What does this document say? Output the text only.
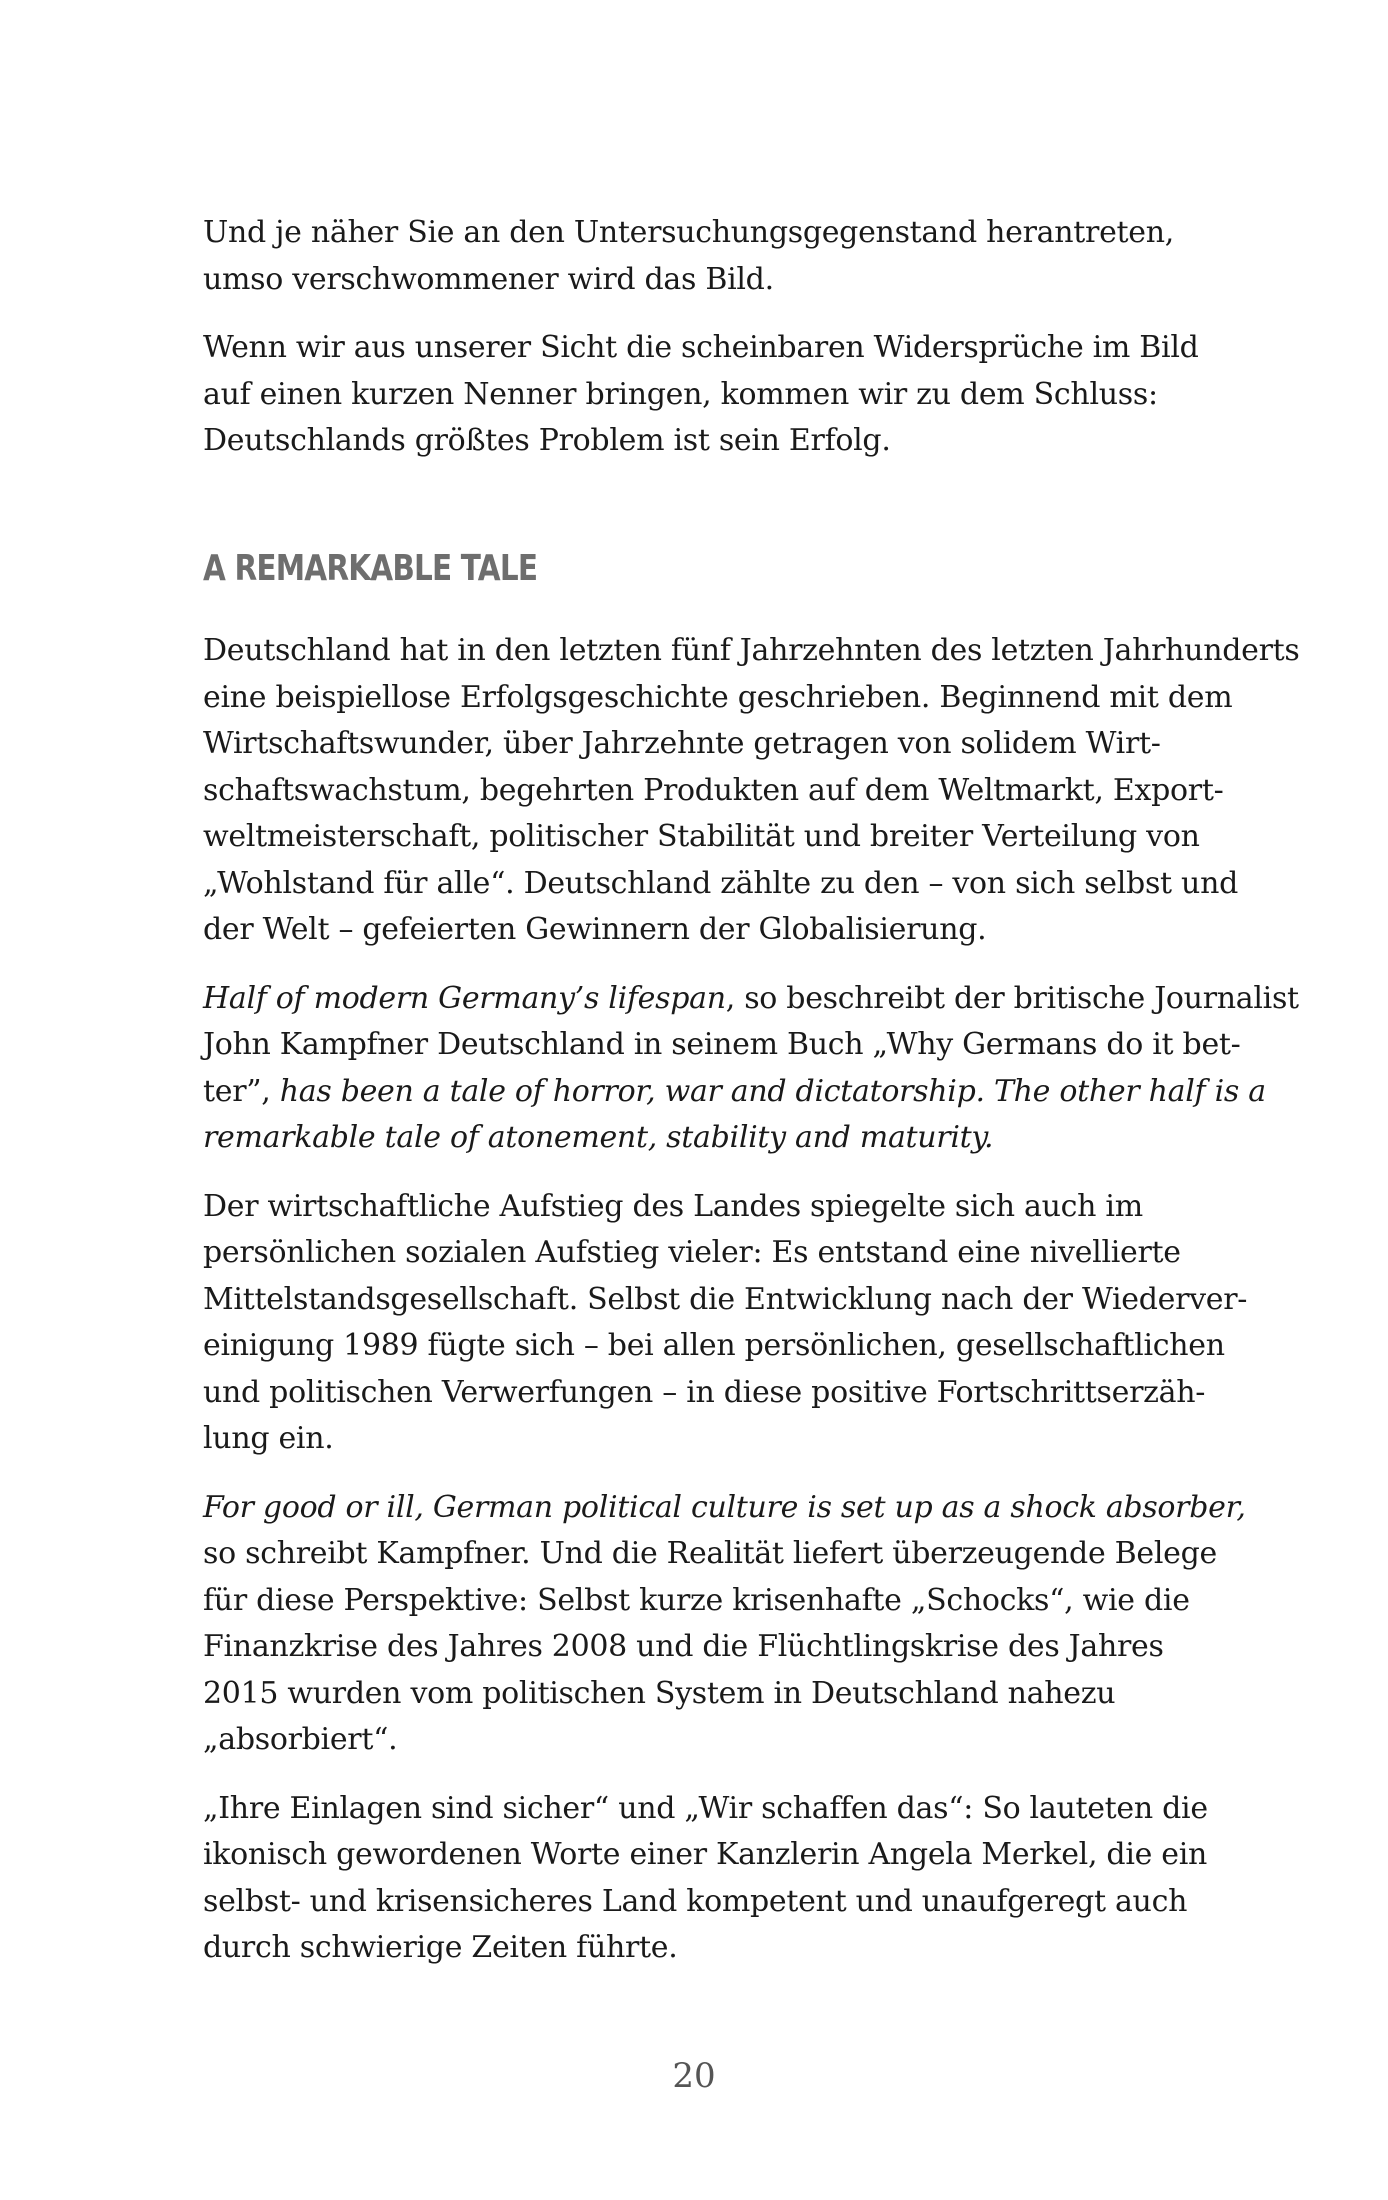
Und je näher Sie an den Untersuchungsgegenstand herantreten,
umso verschwommener wird das Bild.

Wenn wir aus unserer Sicht die scheinbaren Widersprüche im Bild
auf einen kurzen Nenner bringen, kommen wir zu dem Schluss:
Deutschlands größtes Problem ist sein Erfolg.

A REMARKABLE TALE

Deutschland hat in den letzten fünf Jahrzehnten des letzten Jahrhunderts
eine beispiellose Erfolgsgeschichte geschrieben. Beginnend mit dem
Wirtschaftswunder, über Jahrzehnte getragen von solidem Wirt-
schaftswachstum, begehrten Produkten auf dem Weltmarkt, Export-
weltmeisterschaft, politischer Stabilität und breiter Verteilung von
„Wohlstand für alle“. Deutschland zählte zu den – von sich selbst und
der Welt – gefeierten Gewinnern der Globalisierung.

Half of modern Germany’s lifespan, so beschreibt der britische Journalist
John Kampfner Deutschland in seinem Buch „Why Germans do it bet-
ter”, has been a tale of horror, war and dictatorship. The other half is a
remarkable tale of atonement, stability and maturity.

Der wirtschaftliche Aufstieg des Landes spiegelte sich auch im
persönlichen sozialen Aufstieg vieler: Es entstand eine nivellierte
Mittelstandsgesellschaft. Selbst die Entwicklung nach der Wiederver-
einigung 1989 fügte sich – bei allen persönlichen, gesellschaftlichen
und politischen Verwerfungen – in diese positive Fortschrittserzäh-
lung ein.

For good or ill, German political culture is set up as a shock absorber,
so schreibt Kampfner. Und die Realität liefert überzeugende Belege
für diese Perspektive: Selbst kurze krisenhafte „Schocks“, wie die
Finanzkrise des Jahres 2008 und die Flüchtlingskrise des Jahres
2015 wurden vom politischen System in Deutschland nahezu
„absorbiert“.

„Ihre Einlagen sind sicher“ und „Wir schaffen das“: So lauteten die
ikonisch gewordenen Worte einer Kanzlerin Angela Merkel, die ein
selbst- und krisensicheres Land kompetent und unaufgeregt auch
durch schwierige Zeiten führte.

20
